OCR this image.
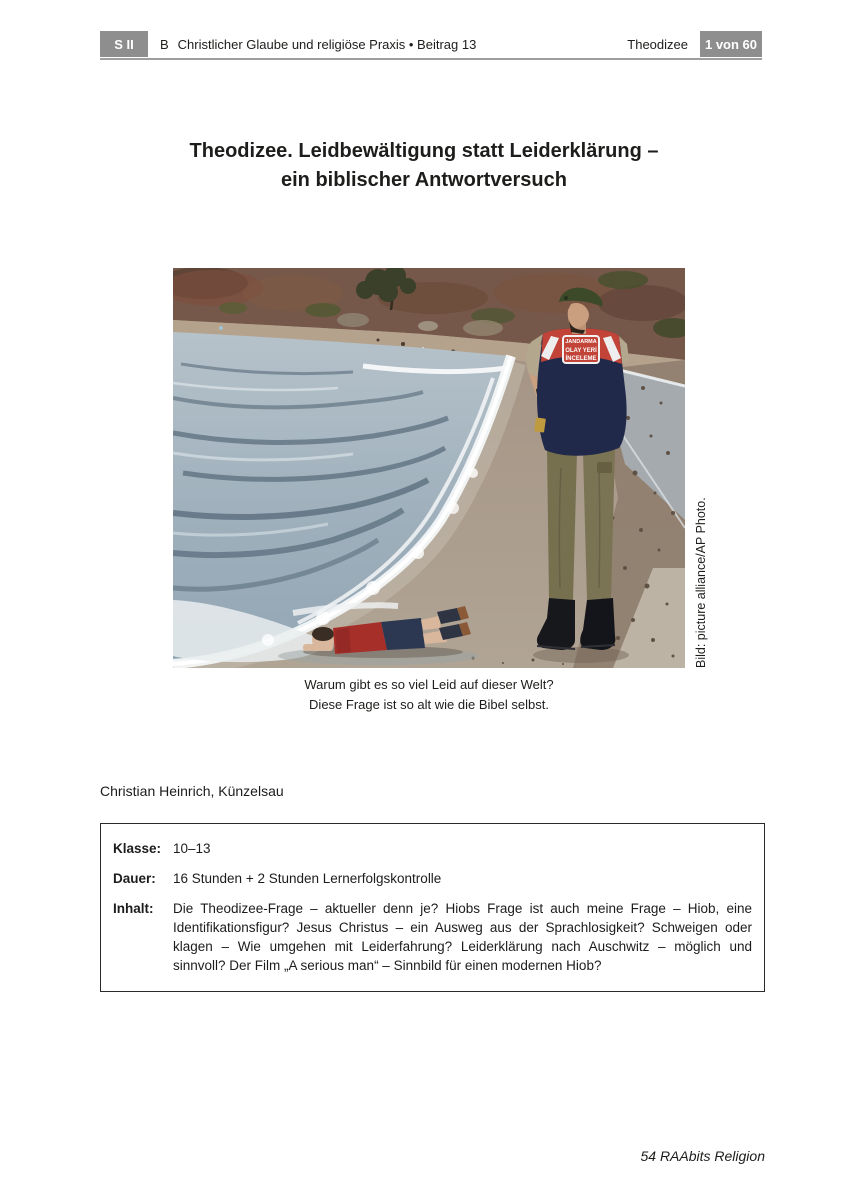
S II	B Christlicher Glaube und religiöse Praxis • Beitrag 13	Theodizee	1 von 60
Theodizee. Leidbewältigung statt Leiderklärung –
ein biblischer Antwortversuch
JANDARMA
OLAY YERİ
İNCELEME
Bild: picture alliance/AP Photo.
Warum gibt es so viel Leid auf dieser Welt?
Diese Frage ist so alt wie die Bibel selbst.
Christian Heinrich, Künzelsau
Klasse: 10–13
Dauer:	16 Stunden + 2 Stunden Lernerfolgskontrolle
Inhalt:	Die Theodizee-Frage – aktueller denn je? Hiobs Frage ist auch meine Frage – Hiob, eine Identifikationsfigur? Jesus Christus – ein Ausweg aus der Sprachlosigkeit? Schweigen oder klagen – Wie umgehen mit Leiderfahrung? Leiderklärung nach Auschwitz – möglich und sinnvoll? Der Film „A serious man“ – Sinnbild für einen modernen Hiob?
54 RAAbits Religion
